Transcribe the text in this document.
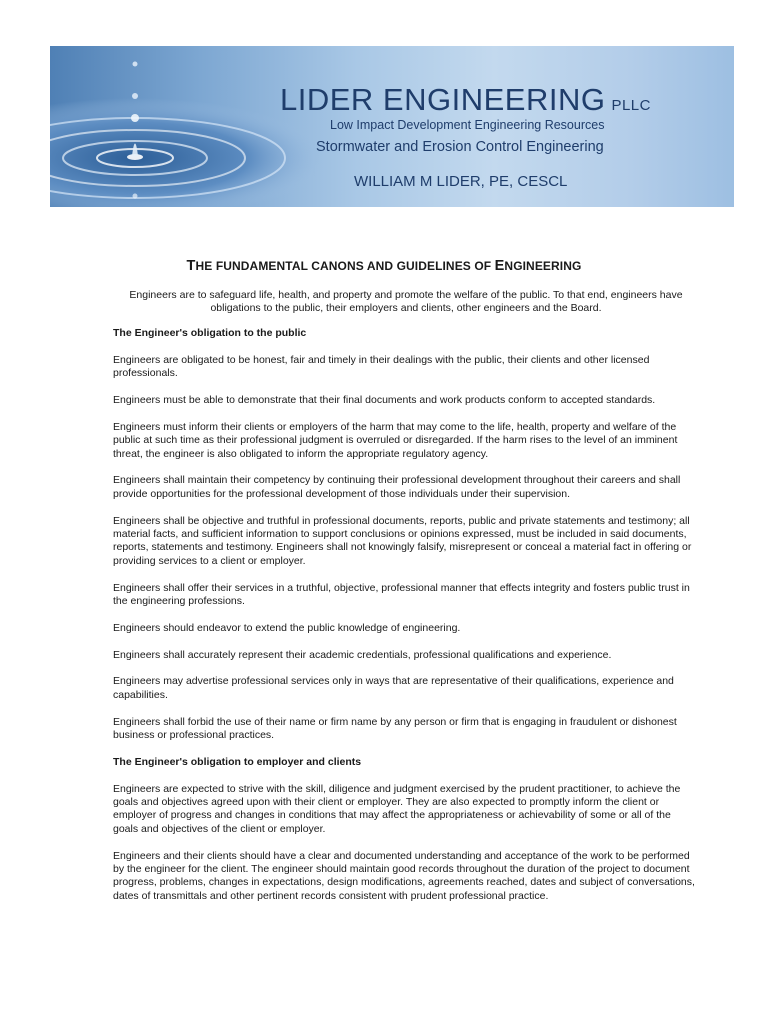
LIDER ENGINEERING PLLC
Low Impact Development Engineering Resources
Stormwater and Erosion Control Engineering
WILLIAM M LIDER, PE, CESCL
THE FUNDAMENTAL CANONS AND GUIDELINES OF ENGINEERING
Engineers are to safeguard life, health, and property and promote the welfare of the public. To that end, engineers have obligations to the public, their employers and clients, other engineers and the Board.
The Engineer's obligation to the public

Engineers are obligated to be honest, fair and timely in their dealings with the public, their clients and other licensed professionals.

Engineers must be able to demonstrate that their final documents and work products conform to accepted standards.

Engineers must inform their clients or employers of the harm that may come to the life, health, property and welfare of the public at such time as their professional judgment is overruled or disregarded. If the harm rises to the level of an imminent threat, the engineer is also obligated to inform the appropriate regulatory agency.

Engineers shall maintain their competency by continuing their professional development throughout their careers and shall provide opportunities for the professional development of those individuals under their supervision.

Engineers shall be objective and truthful in professional documents, reports, public and private statements and testimony; all material facts, and sufficient information to support conclusions or opinions expressed, must be included in said documents, reports, statements and testimony. Engineers shall not knowingly falsify, misrepresent or conceal a material fact in offering or providing services to a client or employer.

Engineers shall offer their services in a truthful, objective, professional manner that effects integrity and fosters public trust in the engineering professions.

Engineers should endeavor to extend the public knowledge of engineering.

Engineers shall accurately represent their academic credentials, professional qualifications and experience.

Engineers may advertise professional services only in ways that are representative of their qualifications, experience and capabilities.

Engineers shall forbid the use of their name or firm name by any person or firm that is engaging in fraudulent or dishonest business or professional practices.

The Engineer's obligation to employer and clients

Engineers are expected to strive with the skill, diligence and judgment exercised by the prudent practitioner, to achieve the goals and objectives agreed upon with their client or employer. They are also expected to promptly inform the client or employer of progress and changes in conditions that may affect the appropriateness or achievability of some or all of the goals and objectives of the client or employer.

Engineers and their clients should have a clear and documented understanding and acceptance of the work to be performed by the engineer for the client. The engineer should maintain good records throughout the duration of the project to document progress, problems, changes in expectations, design modifications, agreements reached, dates and subject of conversations, dates of transmittals and other pertinent records consistent with prudent professional practice.
